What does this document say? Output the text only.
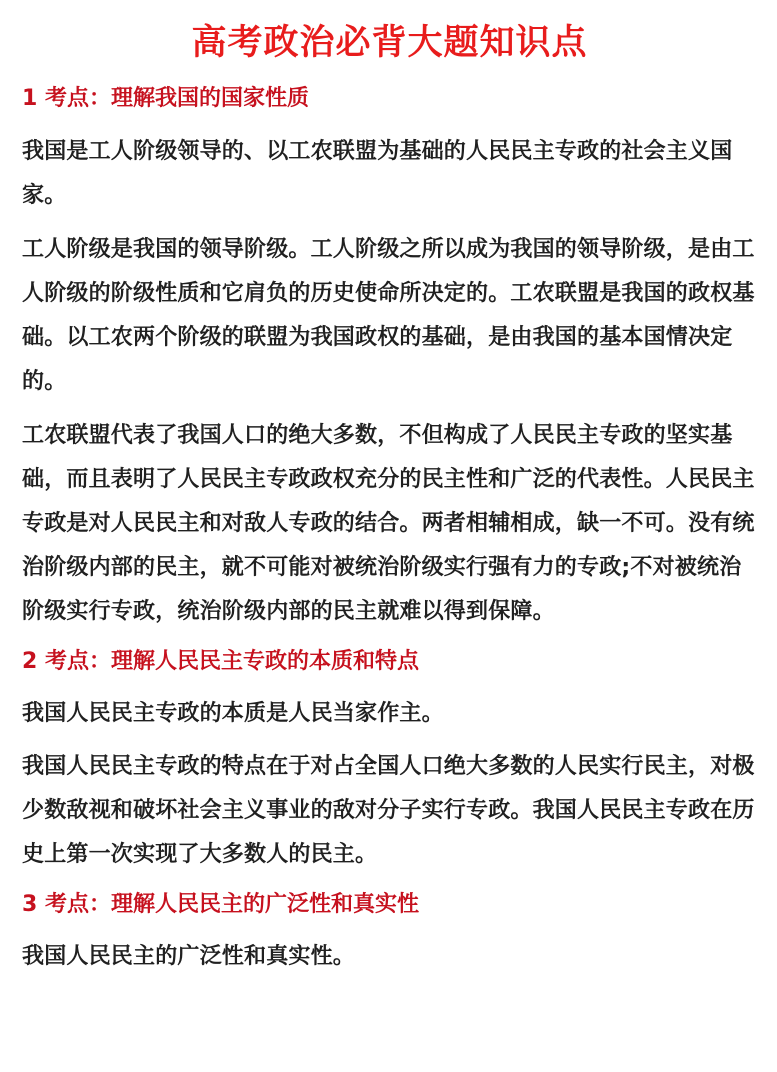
高考政治必背大题知识点
1 考点：理解我国的国家性质

我国是工人阶级领导的、以工农联盟为基础的人民民主专政的社会主义国家。

工人阶级是我国的领导阶级。工人阶级之所以成为我国的领导阶级，是由工人阶级的阶级性质和它肩负的历史使命所决定的。工农联盟是我国的政权基础。以工农两个阶级的联盟为我国政权的基础，是由我国的基本国情决定的。

工农联盟代表了我国人口的绝大多数，不但构成了人民民主专政的坚实基础，而且表明了人民民主专政政权充分的民主性和广泛的代表性。人民民主专政是对人民民主和对敌人专政的结合。两者相辅相成，缺一不可。没有统治阶级内部的民主，就不可能对被统治阶级实行强有力的专政;不对被统治阶级实行专政，统治阶级内部的民主就难以得到保障。

2 考点：理解人民民主专政的本质和特点

我国人民民主专政的本质是人民当家作主。

我国人民民主专政的特点在于对占全国人口绝大多数的人民实行民主，对极少数敌视和破坏社会主义事业的敌对分子实行专政。我国人民民主专政在历史上第一次实现了大多数人的民主。

3 考点：理解人民民主的广泛性和真实性

我国人民民主的广泛性和真实性。
